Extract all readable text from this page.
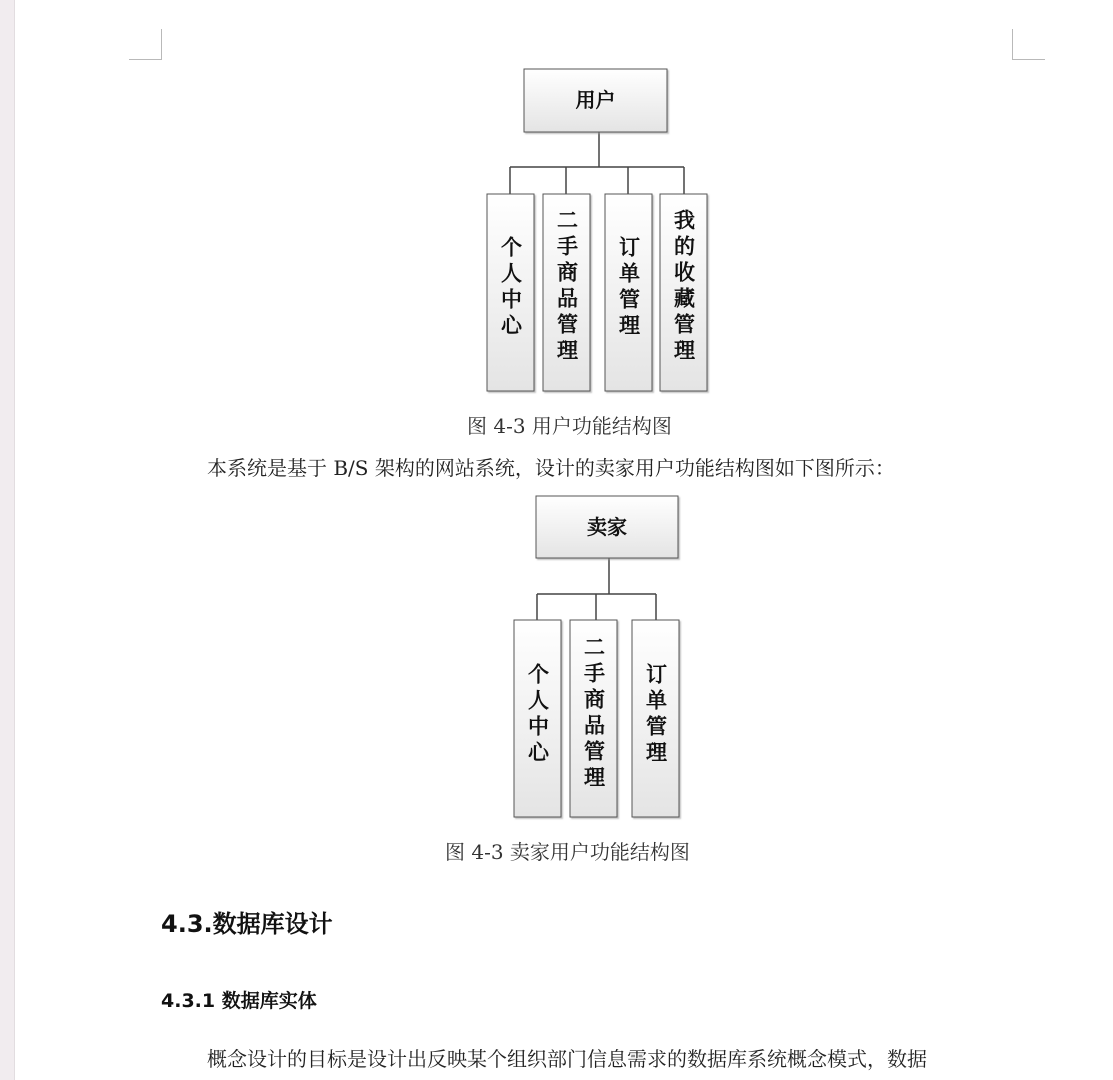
用户
个人中心 二手商品管理 订单管理 我的收藏管理
卖家
个人中心 二手商品管理 订单管理
图 4-3 用户功能结构图
本系统是基于 B/S 架构的网站系统，设计的卖家用户功能结构图如下图所示：
图 4-3 卖家用户功能结构图
4.3.数据库设计
4.3.1 数据库实体
概念设计的目标是设计出反映某个组织部门信息需求的数据库系统概念模式，数据
